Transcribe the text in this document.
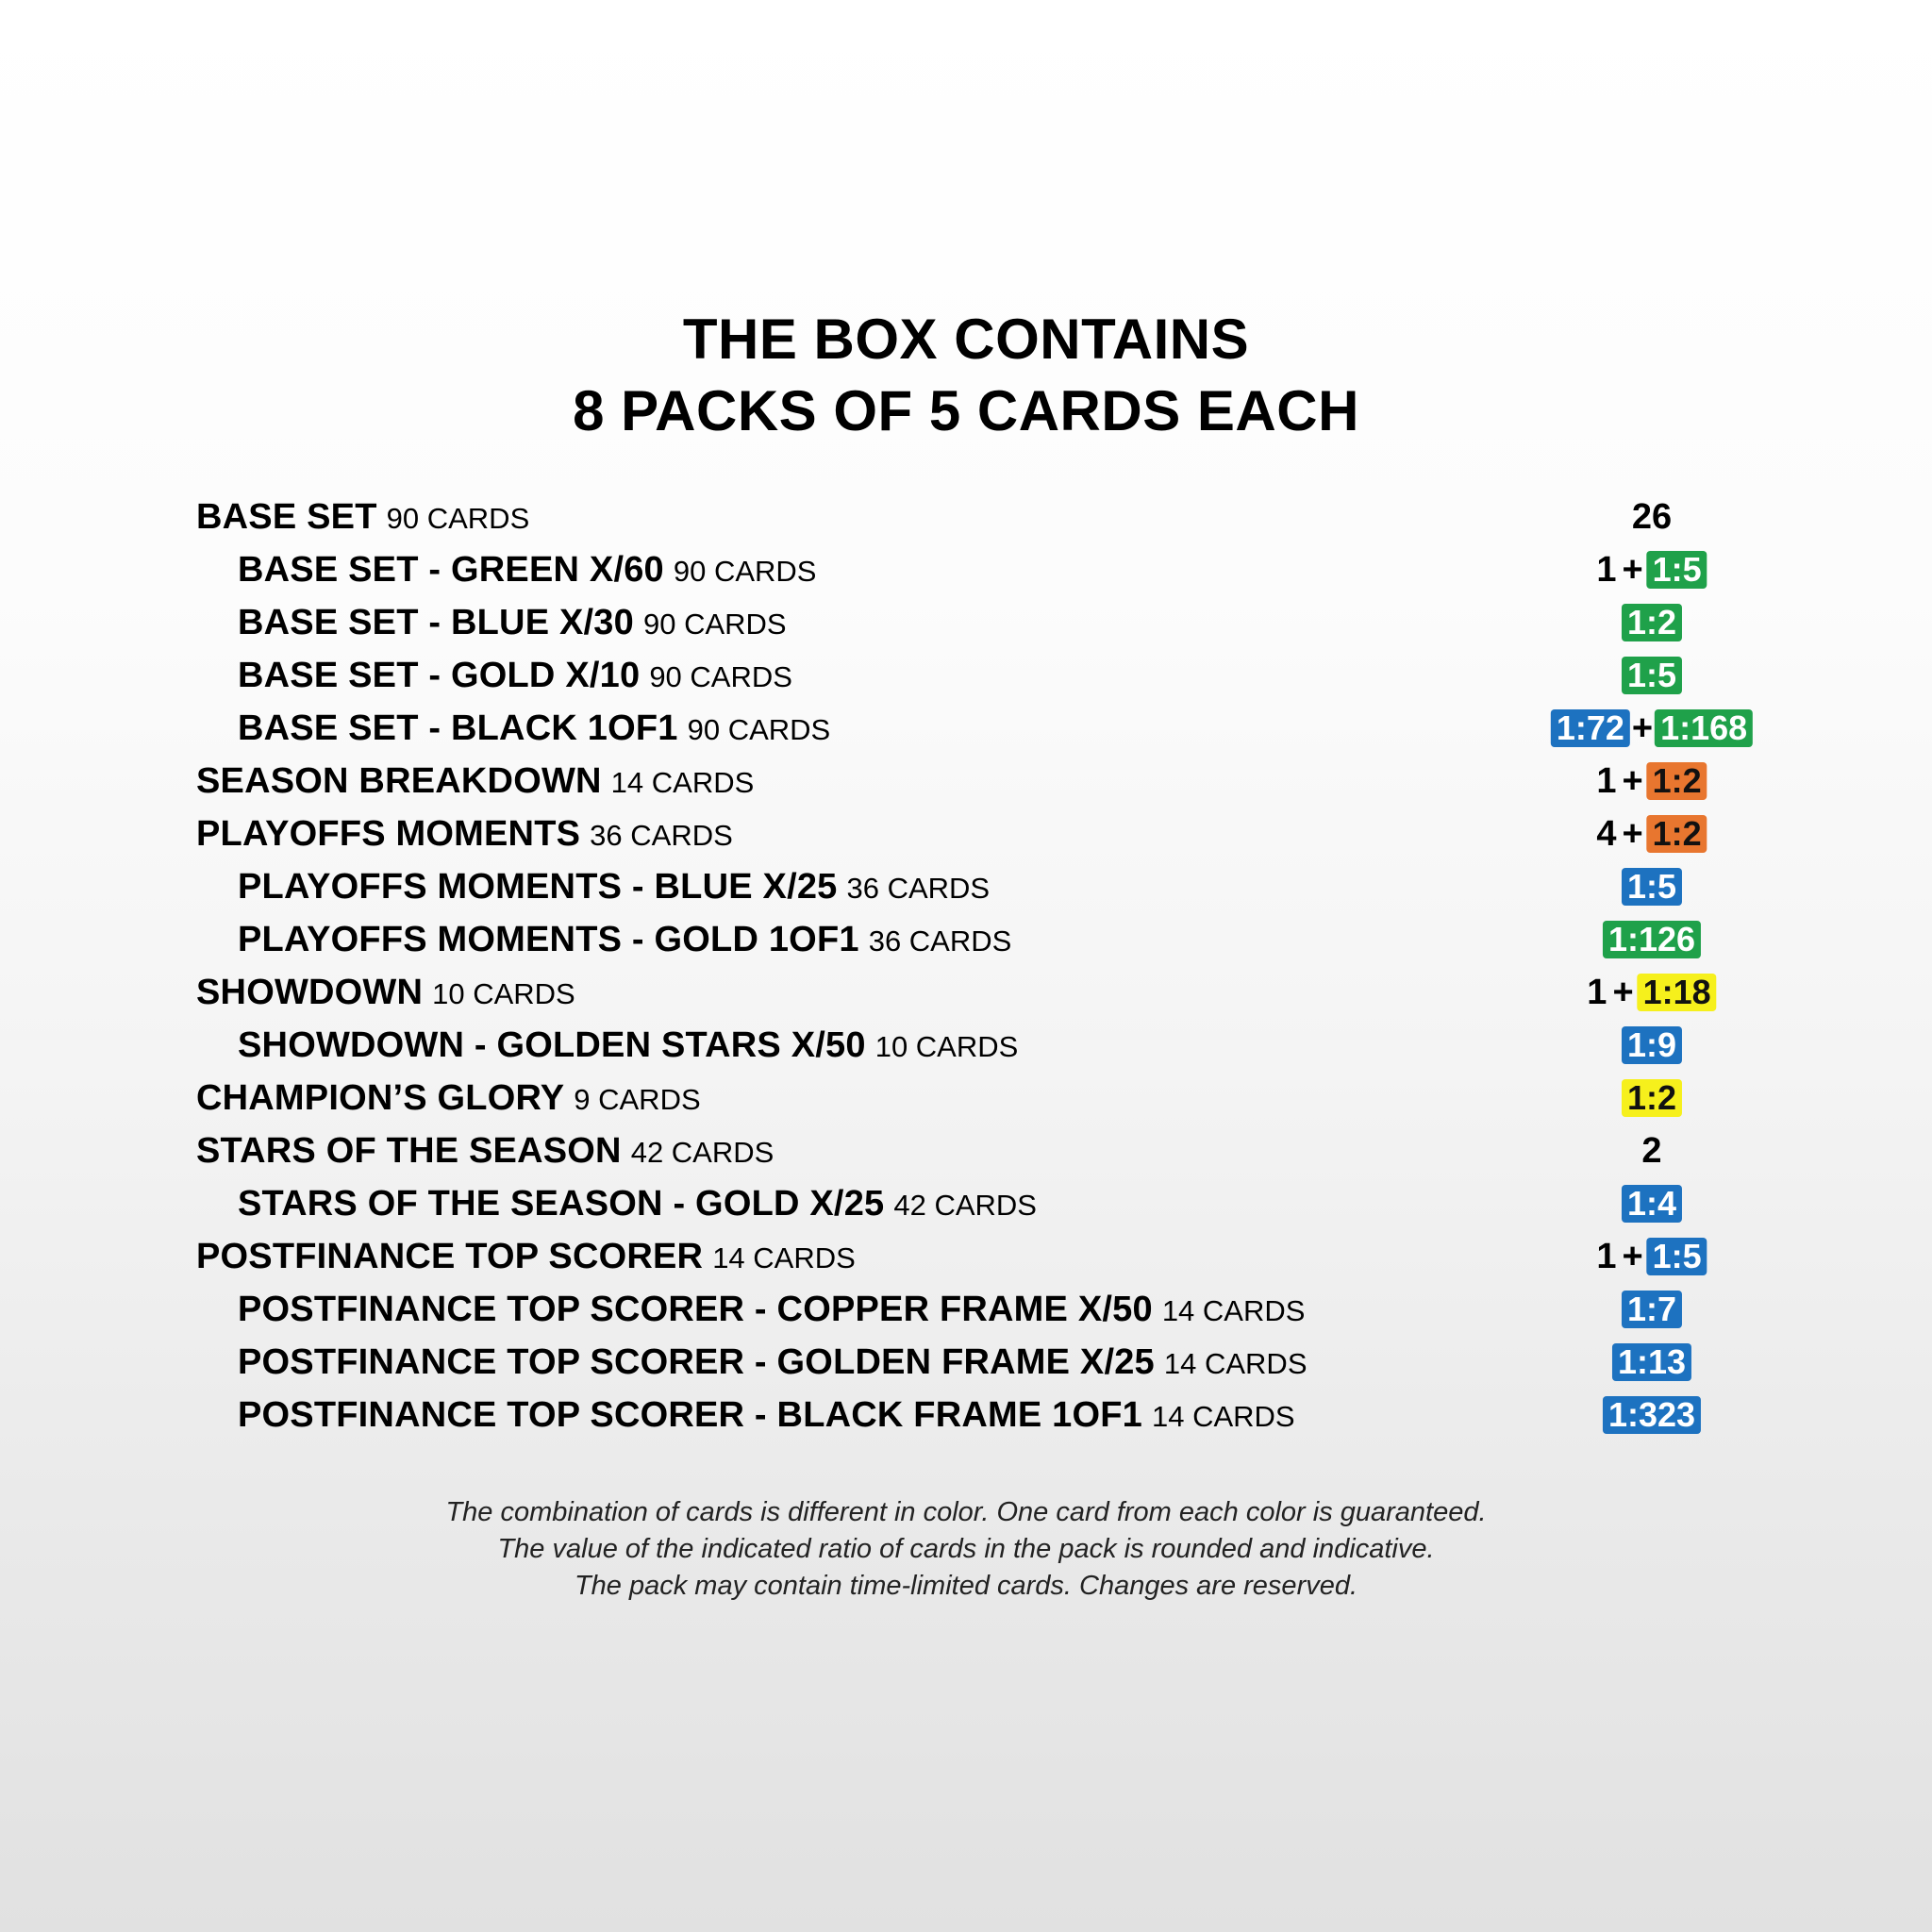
THE BOX CONTAINS
8 PACKS OF 5 CARDS EACH
BASE SET 90 CARDS	26
BASE SET - GREEN X/60 90 CARDS	1 + 1:5
BASE SET - BLUE X/30 90 CARDS	1:2
BASE SET - GOLD X/10 90 CARDS	1:5
BASE SET - BLACK 1OF1 90 CARDS	1:72 + 1:168
SEASON BREAKDOWN 14 CARDS	1 + 1:2
PLAYOFFS MOMENTS 36 CARDS	4 + 1:2
PLAYOFFS MOMENTS - BLUE X/25 36 CARDS	1:5
PLAYOFFS MOMENTS - GOLD 1OF1 36 CARDS	1:126
SHOWDOWN 10 CARDS	1 + 1:18
SHOWDOWN - GOLDEN STARS X/50 10 CARDS	1:9
CHAMPION’S GLORY 9 CARDS	1:2
STARS OF THE SEASON 42 CARDS	2
STARS OF THE SEASON - GOLD X/25 42 CARDS	1:4
POSTFINANCE TOP SCORER 14 CARDS	1 + 1:5
POSTFINANCE TOP SCORER - COPPER FRAME X/50 14 CARDS	1:7
POSTFINANCE TOP SCORER - GOLDEN FRAME X/25 14 CARDS	1:13
POSTFINANCE TOP SCORER - BLACK FRAME 1OF1 14 CARDS	1:323
The combination of cards is different in color. One card from each color is guaranteed.
The value of the indicated ratio of cards in the pack is rounded and indicative.
The pack may contain time-limited cards. Changes are reserved.
